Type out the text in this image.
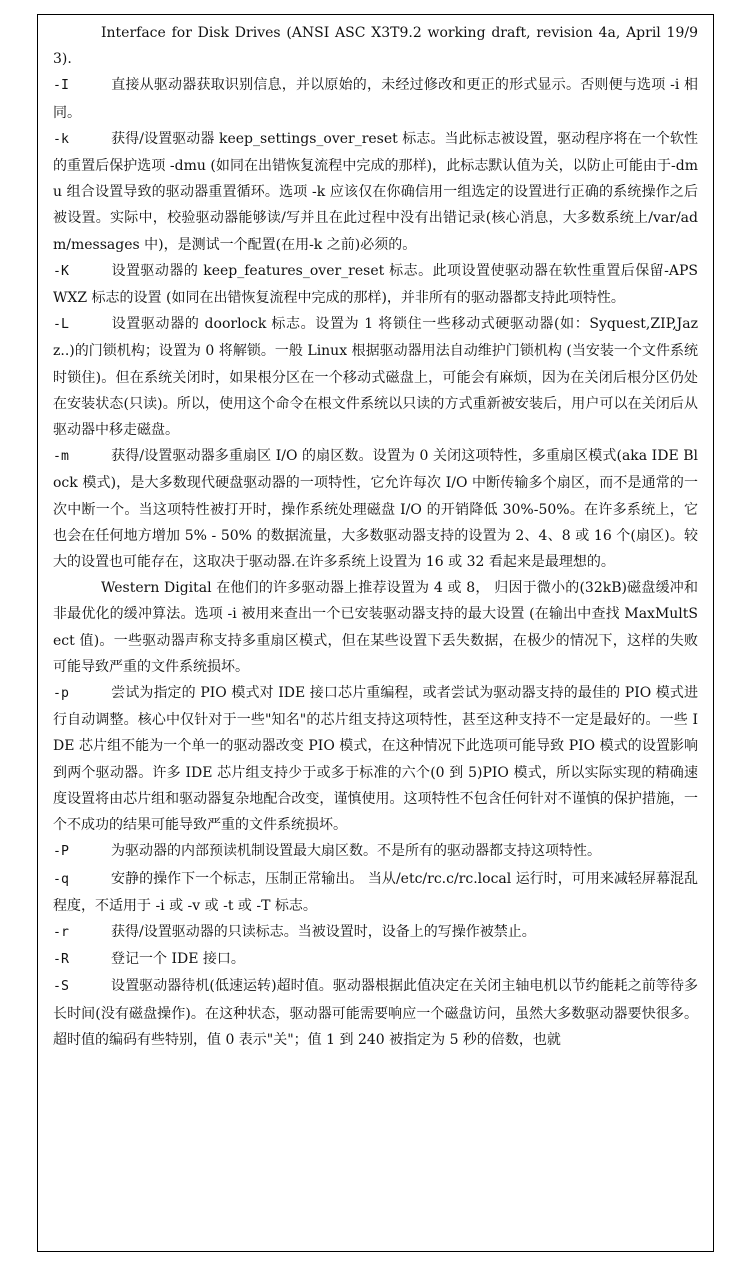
Interface for Disk Drives (ANSI ASC X3T9.2 working draft, revision 4a, April 19/93).

-I	直接从驱动器获取识别信息，并以原始的，未经过修改和更正的形式显示。否则便与选项 -i 相同。

-k	获得/设置驱动器 keep_settings_over_reset 标志。当此标志被设置，驱动程序将在一个软性的重置后保护选项 -dmu (如同在出错恢复流程中完成的那样)，此标志默认值为关，以防止可能由于-dmu 组合设置导致的驱动器重置循环。选项 -k 应该仅在你确信用一组选定的设置进行正确的系统操作之后被设置。实际中，校验驱动器能够读/写并且在此过程中没有出错记录(核心消息，大多数系统上/var/adm/messages 中)，是测试一个配置(在用-k 之前)必须的。

-K	设置驱动器的 keep_features_over_reset 标志。此项设置使驱动器在软性重置后保留-APSWXZ 标志的设置 (如同在出错恢复流程中完成的那样)，并非所有的驱动器都支持此项特性。

-L	设置驱动器的 doorlock 标志。设置为 1 将锁住一些移动式硬驱动器(如：Syquest,ZIP,Jazz..)的门锁机构；设置为 0 将解锁。一般 Linux 根据驱动器用法自动维护门锁机构 (当安装一个文件系统时锁住)。但在系统关闭时，如果根分区在一个移动式磁盘上，可能会有麻烦，因为在关闭后根分区仍处在安装状态(只读)。所以，使用这个命令在根文件系统以只读的方式重新被安装后，用户可以在关闭后从驱动器中移走磁盘。

-m	获得/设置驱动器多重扇区 I/O 的扇区数。设置为 0 关闭这项特性，多重扇区模式(aka IDE Block 模式)，是大多数现代硬盘驱动器的一项特性，它允许每次 I/O 中断传输多个扇区，而不是通常的一次中断一个。当这项特性被打开时，操作系统处理磁盘 I/O 的开销降低 30%-50%。在许多系统上，它也会在任何地方增加 5% - 50% 的数据流量，大多数驱动器支持的设置为 2、4、8 或 16 个(扇区)。较大的设置也可能存在，这取决于驱动器.在许多系统上设置为 16 或 32 看起来是最理想的。

Western Digital 在他们的许多驱动器上推荐设置为 4 或 8， 归因于微小的(32kB)磁盘缓冲和非最优化的缓冲算法。选项 -i 被用来查出一个已安装驱动器支持的最大设置 (在输出中查找 MaxMultSect 值)。一些驱动器声称支持多重扇区模式，但在某些设置下丢失数据，在极少的情况下，这样的失败可能导致严重的文件系统损坏。

-p	尝试为指定的 PIO 模式对 IDE 接口芯片重编程，或者尝试为驱动器支持的最佳的 PIO 模式进行自动调整。核心中仅针对于一些"知名"的芯片组支持这项特性，甚至这种支持不一定是最好的。一些 IDE 芯片组不能为一个单一的驱动器改变 PIO 模式，在这种情况下此选项可能导致 PIO 模式的设置影响到两个驱动器。许多 IDE 芯片组支持少于或多于标准的六个(0 到 5)PIO 模式，所以实际实现的精确速度设置将由芯片组和驱动器复杂地配合改变，谨慎使用。这项特性不包含任何针对不谨慎的保护措施，一个不成功的结果可能导致严重的文件系统损坏。

-P	为驱动器的内部预读机制设置最大扇区数。不是所有的驱动器都支持这项特性。

-q	安静的操作下一个标志，压制正常输出。 当从/etc/rc.c/rc.local 运行时，可用来减轻屏幕混乱程度，不适用于 -i 或 -v 或 -t 或 -T 标志。

-r	获得/设置驱动器的只读标志。当被设置时，设备上的写操作被禁止。

-R	登记一个 IDE 接口。

-S	设置驱动器待机(低速运转)超时值。驱动器根据此值决定在关闭主轴电机以节约能耗之前等待多长时间(没有磁盘操作)。在这种状态，驱动器可能需要响应一个磁盘访问，虽然大多数驱动器要快很多。超时值的编码有些特别，值 0 表示"关"；值 1 到 240 被指定为 5 秒的倍数，也就
